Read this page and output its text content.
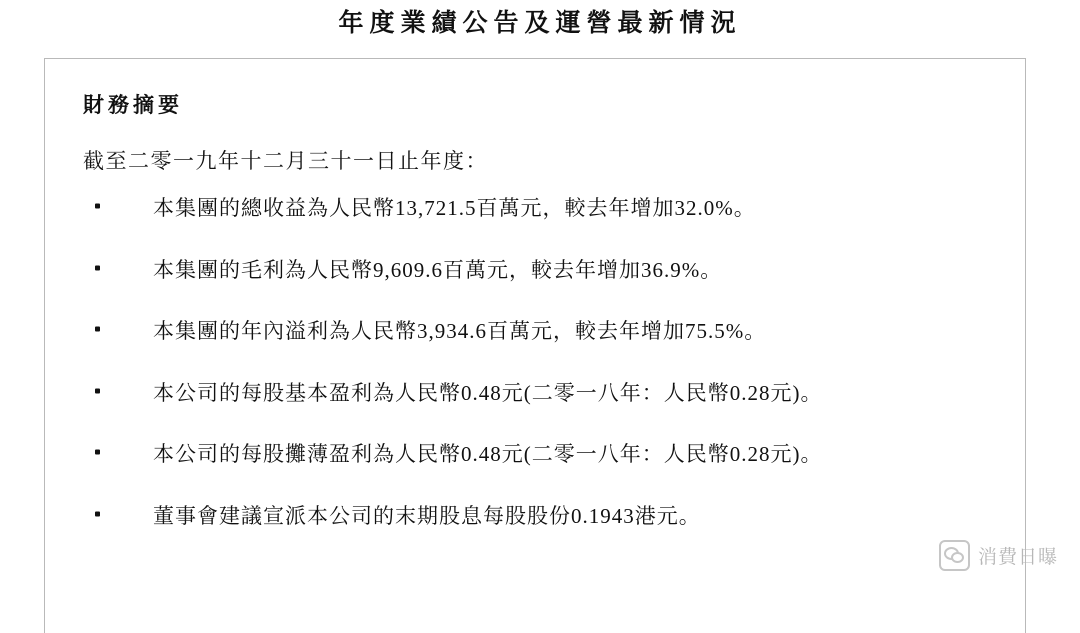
年度業績公告及運營最新情況
財務摘要
截至二零一九年十二月三十一日止年度：
本集團的總收益為人民幣13,721.5百萬元，較去年增加32.0%。
本集團的毛利為人民幣9,609.6百萬元，較去年增加36.9%。
本集團的年內溢利為人民幣3,934.6百萬元，較去年增加75.5%。
本公司的每股基本盈利為人民幣0.48元(二零一八年：人民幣0.28元)。
本公司的每股攤薄盈利為人民幣0.48元(二零一八年：人民幣0.28元)。
董事會建議宣派本公司的末期股息每股股份0.1943港元。
消費日曝
